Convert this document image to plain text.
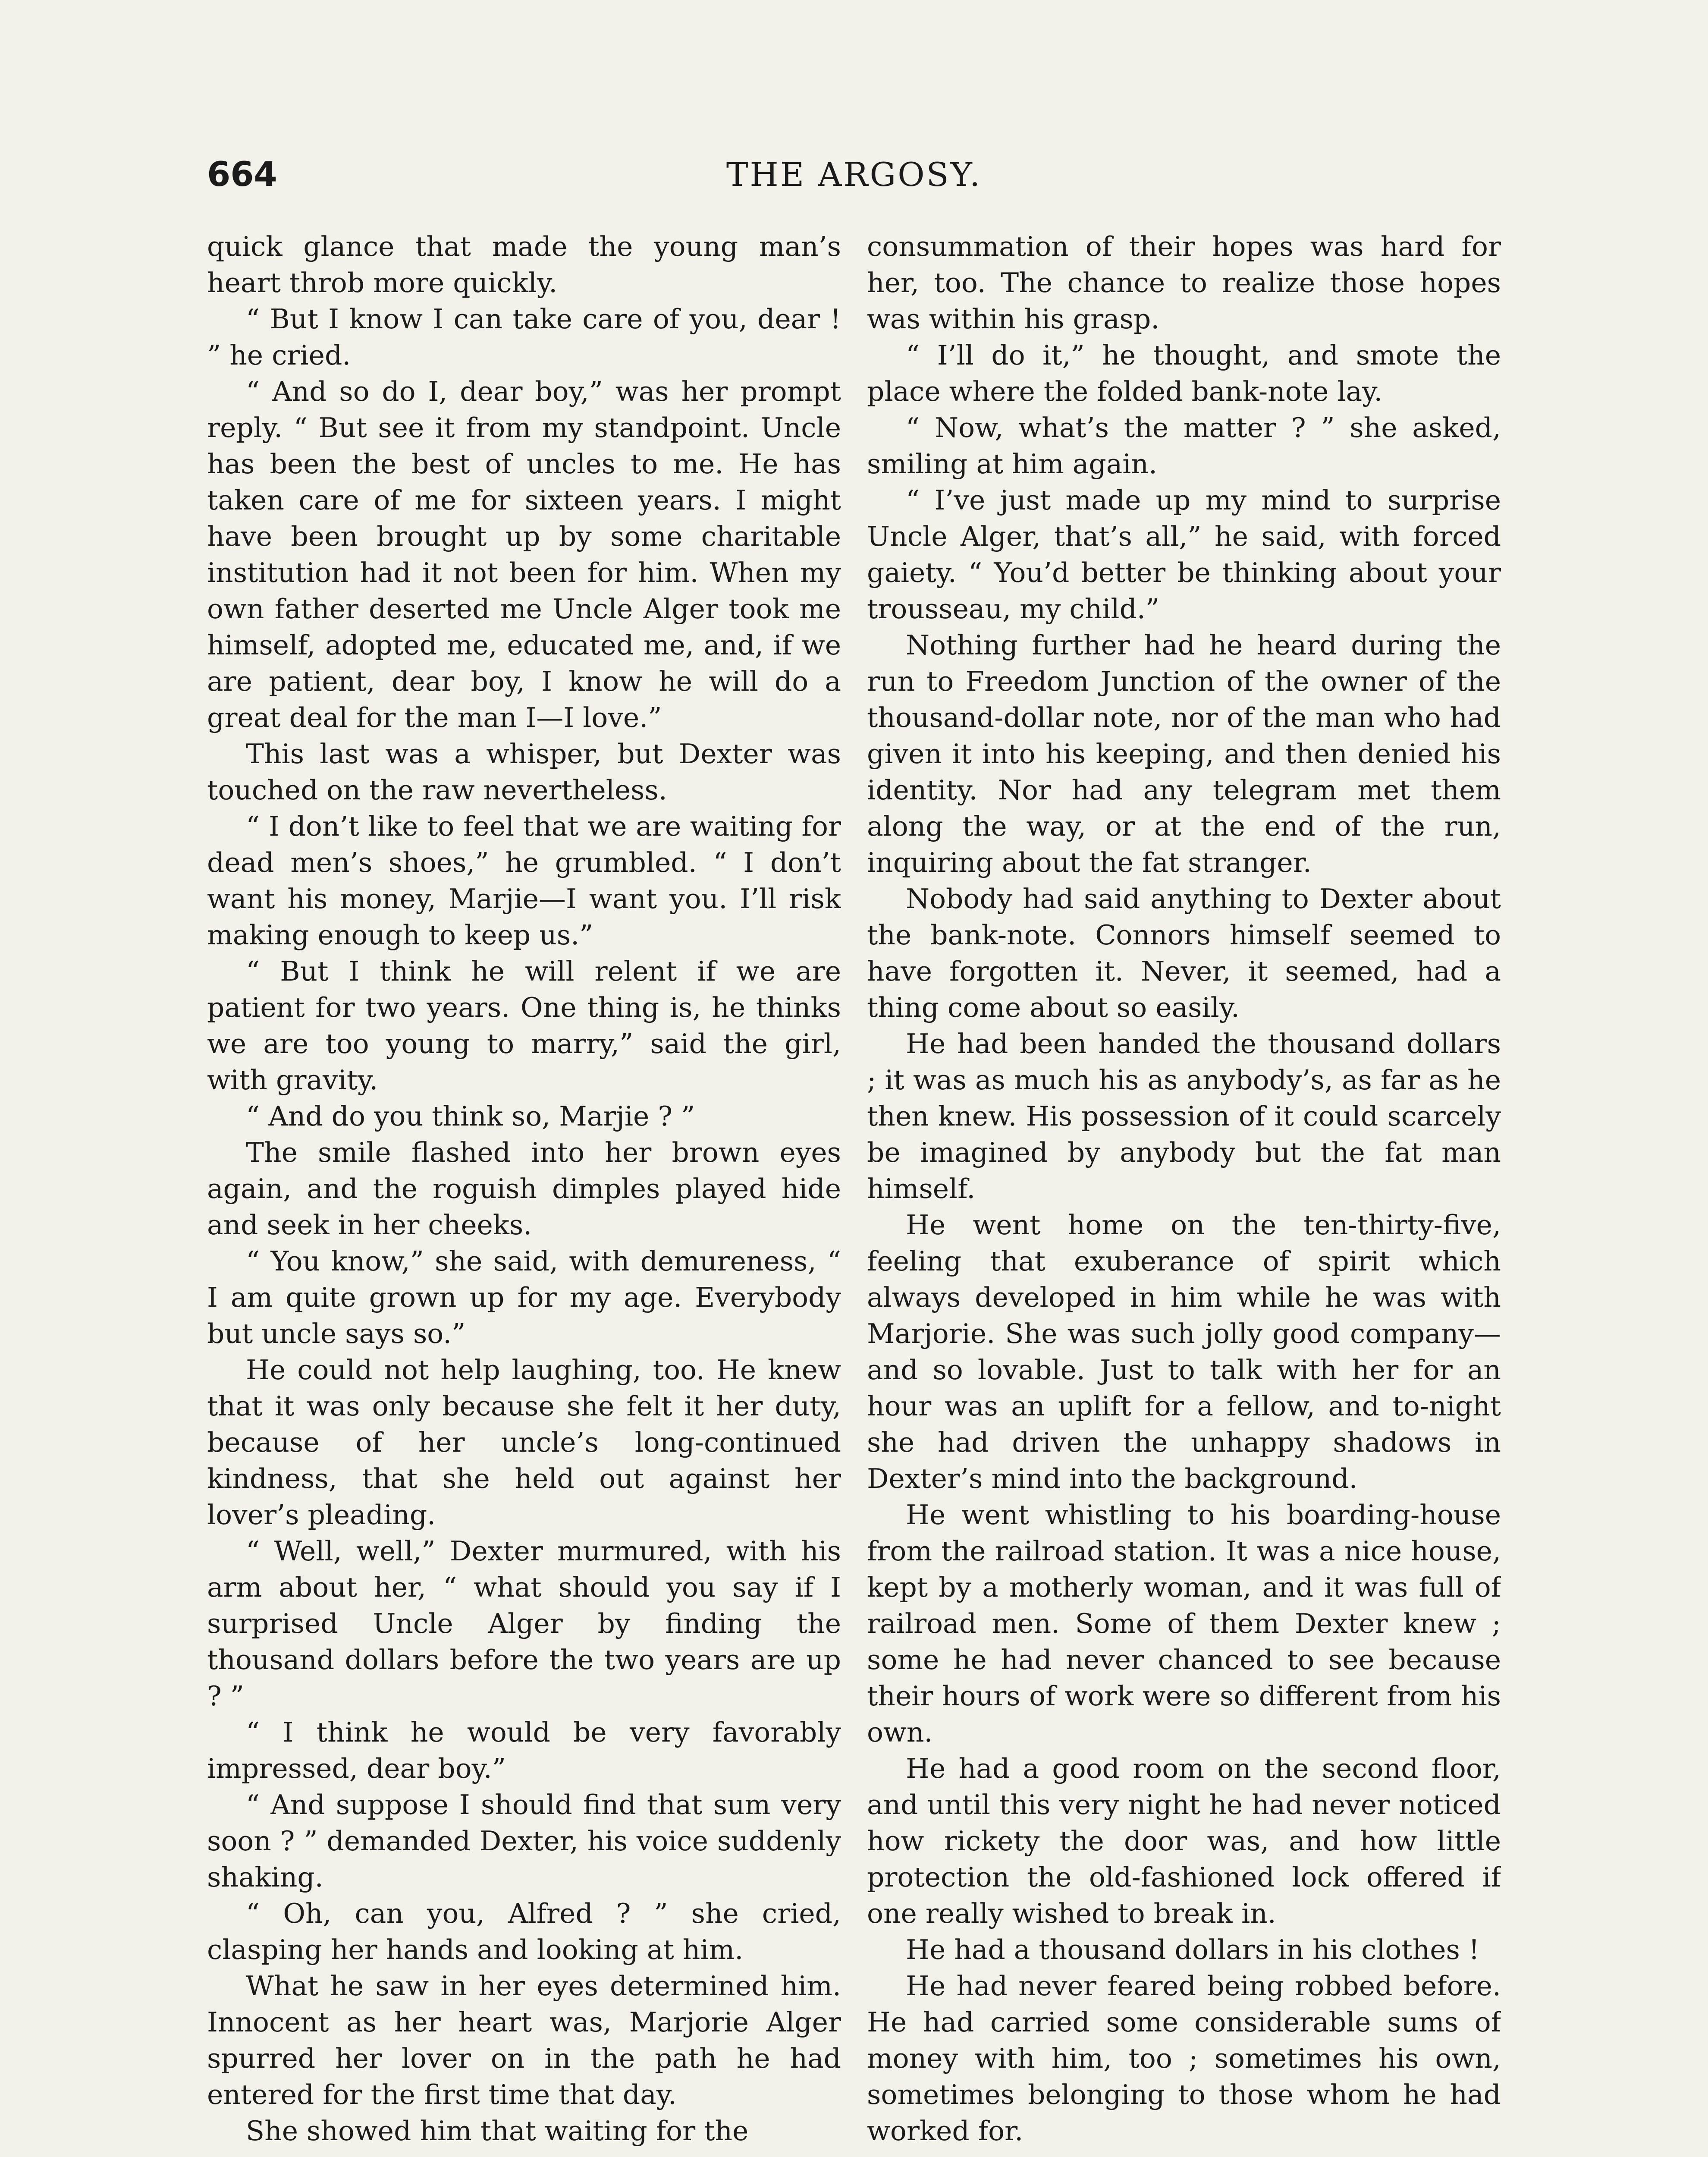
664	THE ARGOSY.

quick glance that made the young man’s heart throb more quickly.

“ But I know I can take care of you, dear ! ” he cried.

“ And so do I, dear boy,” was her prompt reply. “ But see it from my standpoint. Uncle has been the best of uncles to me. He has taken care of me for sixteen years. I might have been brought up by some charitable institution had it not been for him. When my own father deserted me Uncle Alger took me himself, adopted me, educated me, and, if we are patient, dear boy, I know he will do a great deal for the man I—I love.”

This last was a whisper, but Dexter was touched on the raw nevertheless.

“ I don’t like to feel that we are waiting for dead men’s shoes,” he grumbled. “ I don’t want his money, Marjie—I want you. I’ll risk making enough to keep us.”

“ But I think he will relent if we are patient for two years. One thing is, he thinks we are too young to marry,” said the girl, with gravity.

“ And do you think so, Marjie ? ”

The smile flashed into her brown eyes again, and the roguish dimples played hide and seek in her cheeks.

“ You know,” she said, with demureness, “ I am quite grown up for my age. Everybody but uncle says so.”

He could not help laughing, too. He knew that it was only because she felt it her duty, because of her uncle’s long-continued kindness, that she held out against her lover’s pleading.

“ Well, well,” Dexter murmured, with his arm about her, “ what should you say if I surprised Uncle Alger by finding the thousand dollars before the two years are up ? ”

“ I think he would be very favorably impressed, dear boy.”

“ And suppose I should find that sum very soon ? ” demanded Dexter, his voice suddenly shaking.

“ Oh, can you, Alfred ? ” she cried, clasping her hands and looking at him.

What he saw in her eyes determined him. Innocent as her heart was, Marjorie Alger spurred her lover on in the path he had entered for the first time that day.

She showed him that waiting for the

consummation of their hopes was hard for her, too. The chance to realize those hopes was within his grasp.

“ I’ll do it,” he thought, and smote the place where the folded bank-note lay.

“ Now, what’s the matter ? ” she asked, smiling at him again.

“ I’ve just made up my mind to surprise Uncle Alger, that’s all,” he said, with forced gaiety. “ You’d better be thinking about your trousseau, my child.”

Nothing further had he heard during the run to Freedom Junction of the owner of the thousand-dollar note, nor of the man who had given it into his keeping, and then denied his identity. Nor had any telegram met them along the way, or at the end of the run, inquiring about the fat stranger.

Nobody had said anything to Dexter about the bank-note. Connors himself seemed to have forgotten it. Never, it seemed, had a thing come about so easily.

He had been handed the thousand dollars ; it was as much his as anybody’s, as far as he then knew. His possession of it could scarcely be imagined by anybody but the fat man himself.

He went home on the ten-thirty-five, feeling that exuberance of spirit which always developed in him while he was with Marjorie. She was such jolly good company—and so lovable. Just to talk with her for an hour was an uplift for a fellow, and to-night she had driven the unhappy shadows in Dexter’s mind into the background.

He went whistling to his boarding-house from the railroad station. It was a nice house, kept by a motherly woman, and it was full of railroad men. Some of them Dexter knew ; some he had never chanced to see because their hours of work were so different from his own.

He had a good room on the second floor, and until this very night he had never noticed how rickety the door was, and how little protection the old-fashioned lock offered if one really wished to break in.

He had a thousand dollars in his clothes !

He had never feared being robbed before. He had carried some considerable sums of money with him, too ; sometimes his own, sometimes belonging to those whom he had worked for.
